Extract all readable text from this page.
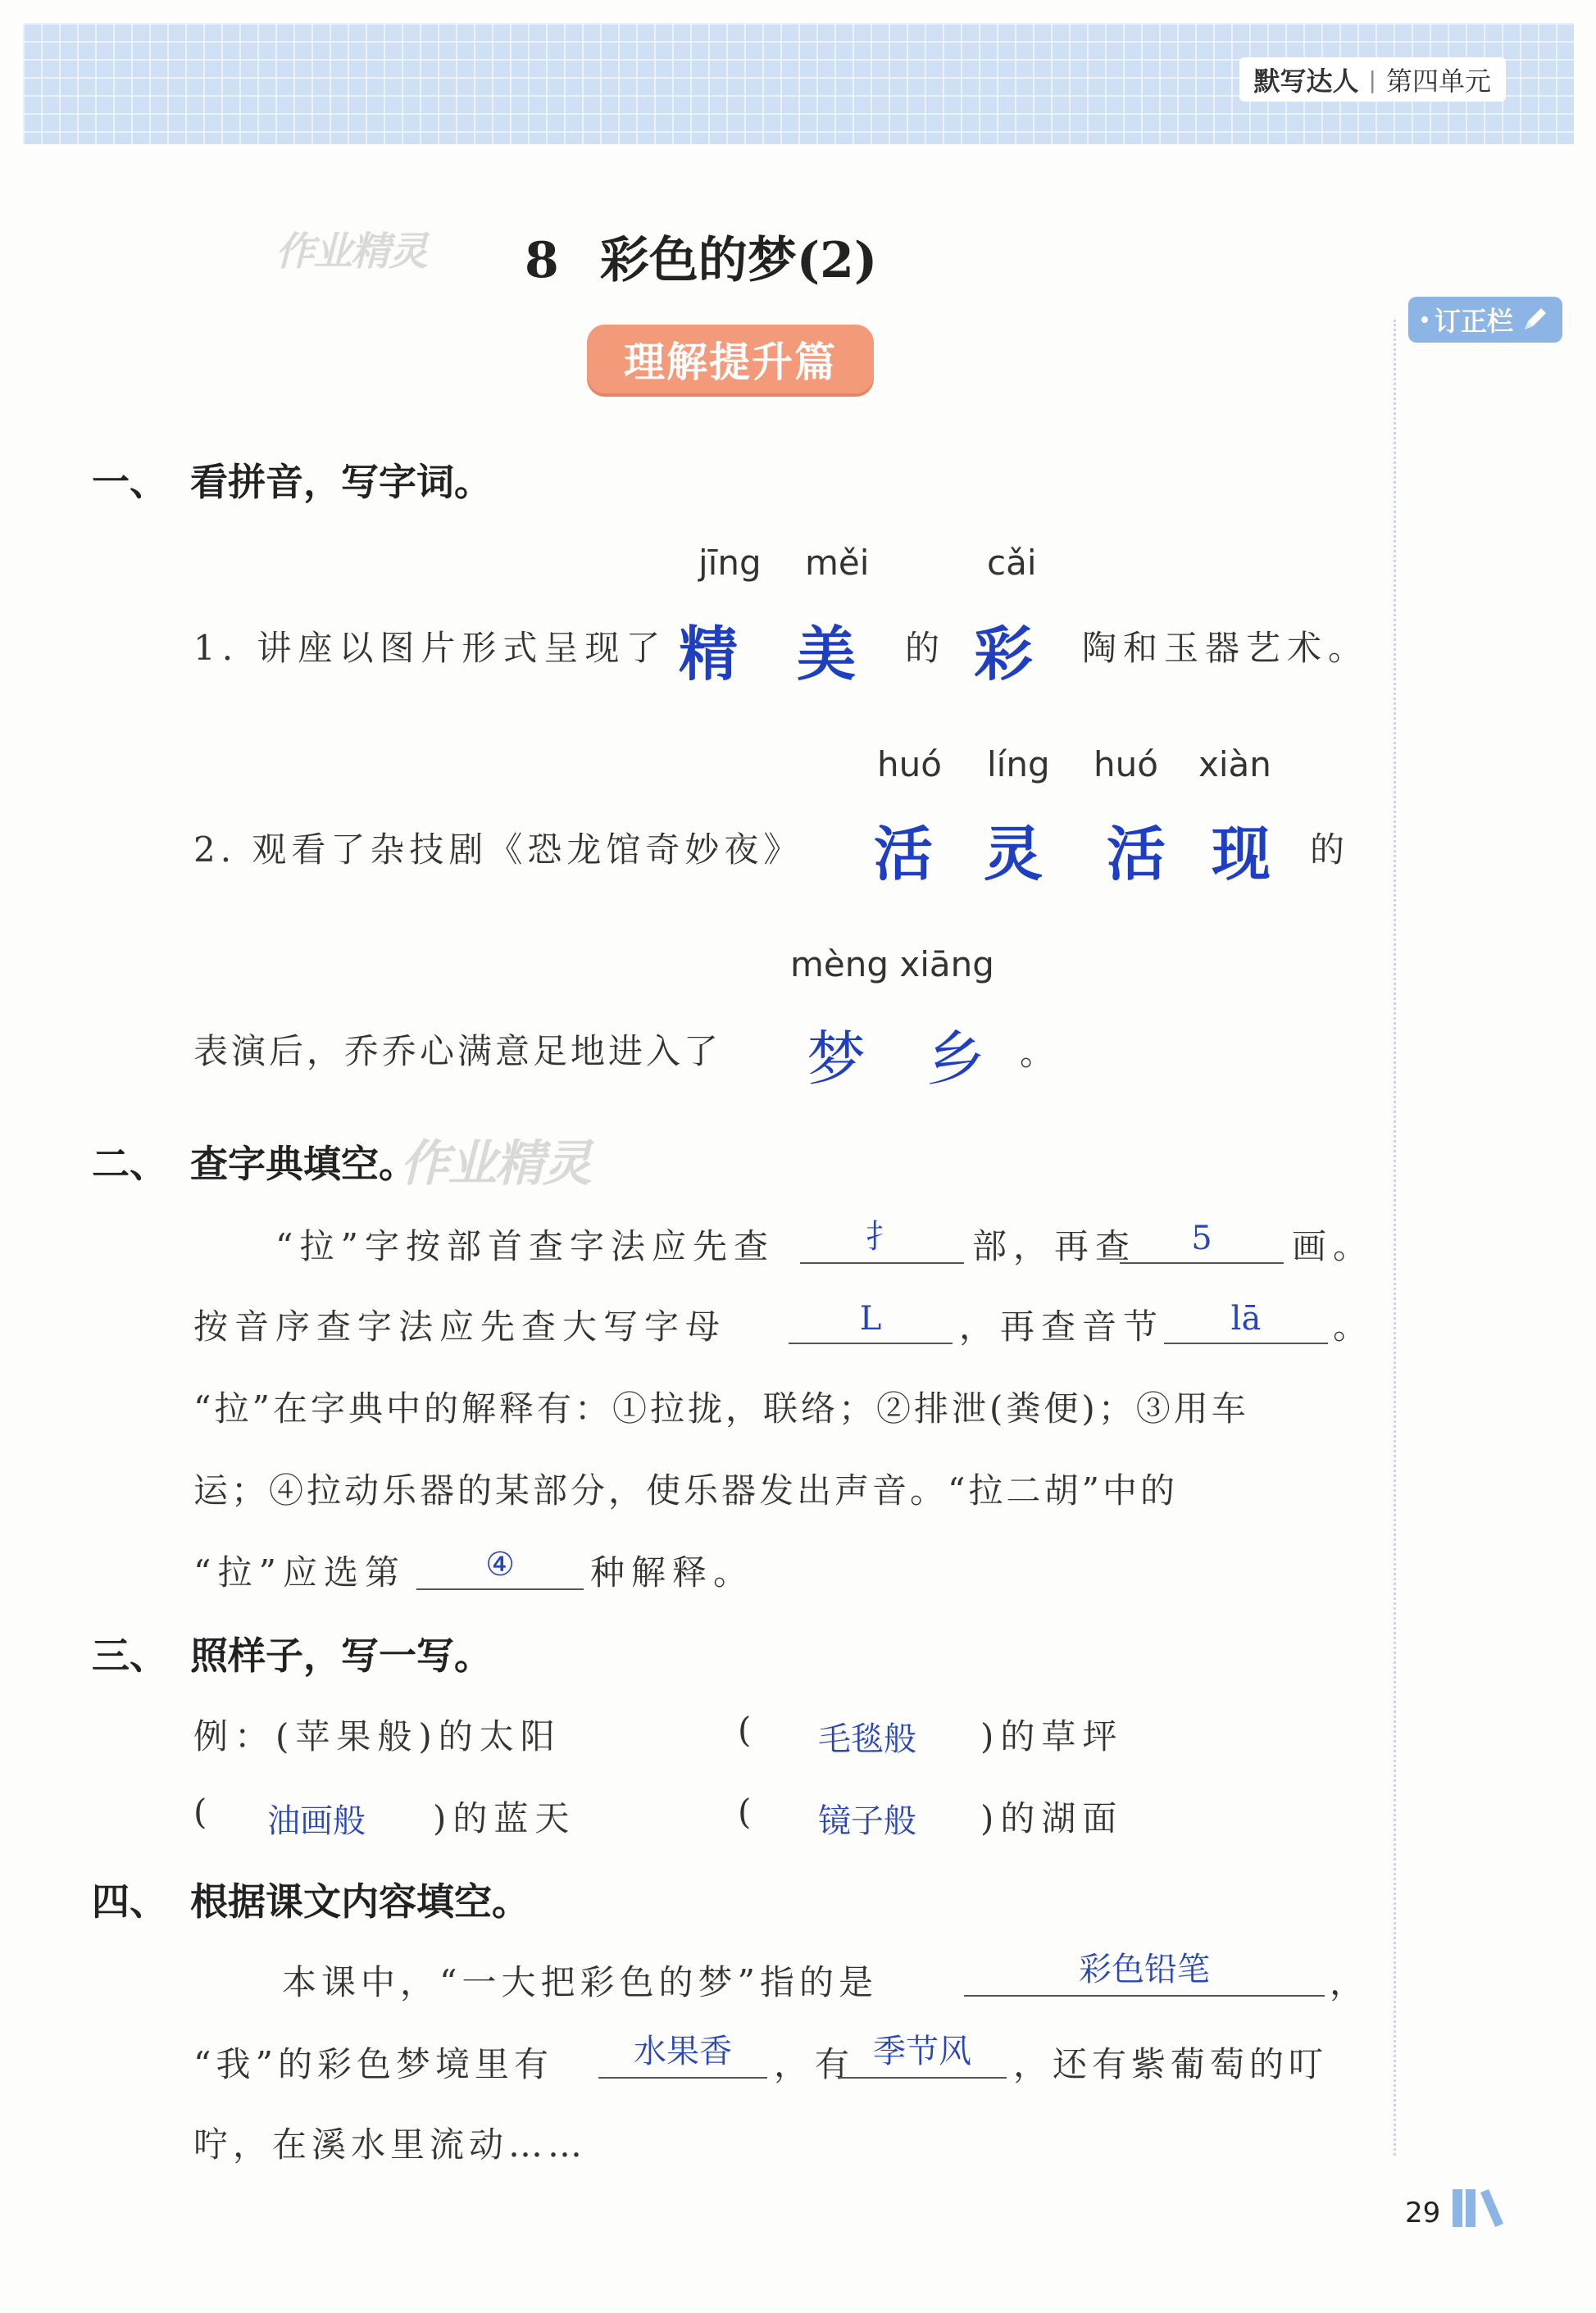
默写达人 | 第四单元
订正栏
作业精灵
作业精灵
8 彩色的梦(2)
理解提升篇
一、 看拼音，写字词。
jīng měi	cǎi
1. 讲座以图片形式呈现了 精 美 的 彩 陶和玉器艺术。
huó líng huó xiàn
2. 观看了杂技剧《恐龙馆奇妙夜》 活 灵 活 现 的
mèng xiāng
表演后，乔乔心满意足地进入了 梦 乡 。
二、 查字典填空。
“拉”字按部首查字法应先查	扌 部，再查 5 画。
按音序查字法应先查大写字母	L ，再查音节 lā 。
“拉”在字典中的解释有：①拉拢，联络；②排泄(粪便)；③用车
运；④拉动乐器的某部分，使乐器发出声音。“拉二胡”中的
“拉”应选第 ④ 种解释。
三、 照样子，写一写。
例：(苹果般)的太阳	( 毛毯般 )的草坪
( 油画般 )的蓝天	( 镜子般 )的湖面
四、 根据课文内容填空。
本课中，“一大把彩色的梦”指的是	彩色铅笔	，
“我”的彩色梦境里有 水果香 ，有 季节风 ，还有紫葡萄的叮
咛，在溪水里流动……
29
